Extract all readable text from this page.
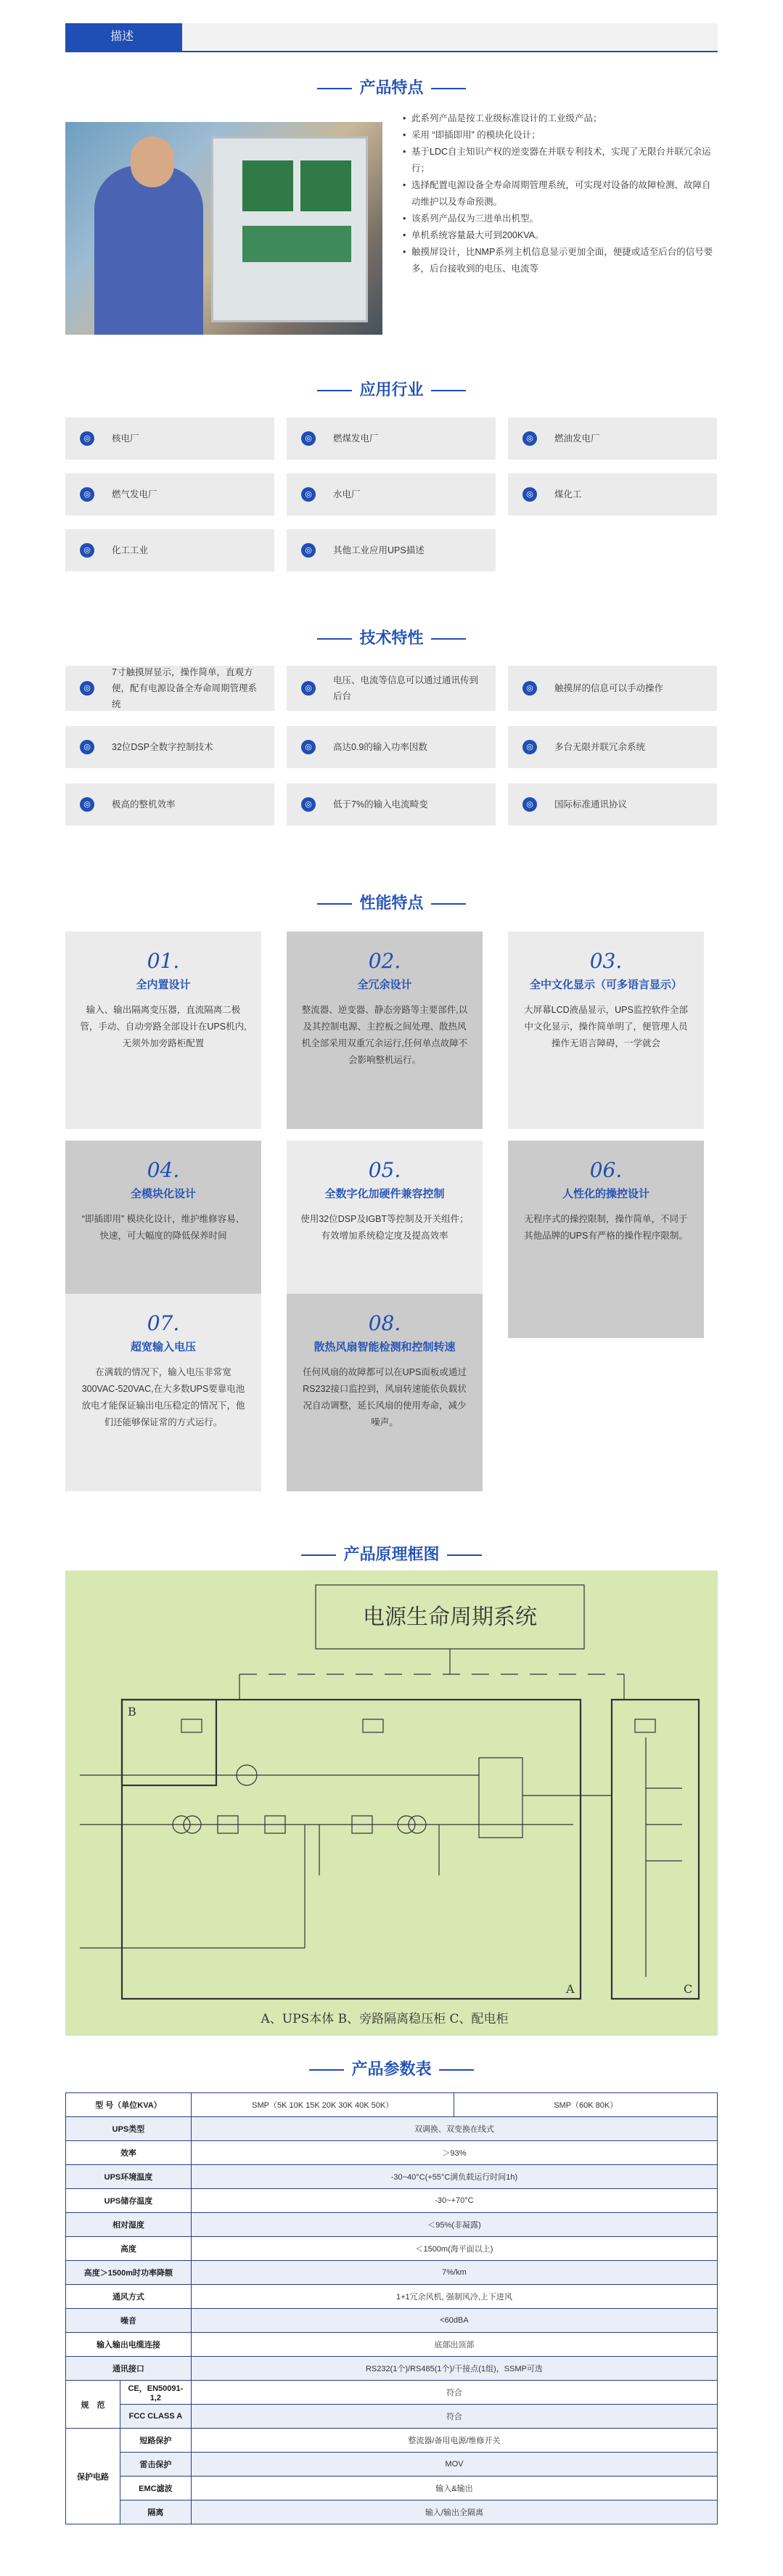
描述
产品特点
• 此系列产品是按工业级标准设计的工业级产品；
• 采用 “即插即用” 的模块化设计；
• 基于LDC自主知识产权的逆变器在并联专利技术，实现了无限台并联冗余运行；
• 选择配置电源设备全寿命周期管理系统，可实现对设备的故障检测、故障自动维护以及寿命预测。
• 该系列产品仅为三进单出机型。
• 单机系统容量最大可到200KVA。
• 触摸屏设计，比NMP系列主机信息显示更加全面，便捷或适至后台的信号要多，后台接收到的电压、电流等
应用行业
◎	核电厂	◎	燃煤发电厂	◎	燃油发电厂
◎	燃气发电厂	◎	水电厂	◎	煤化工
◎	化工工业	◎	其他工业应用UPS描述
技术特性
◎
7寸触摸屏显示，操作简单，直观方便，配有电源设备全寿命周期管理系统
◎
电压、电流等信息可以通过通讯传到后台
◎	触摸屏的信息可以手动操作
◎	32位DSP全数字控制技术	◎	高达0.9的输入功率因数	◎	多台无限并联冗余系统
◎	极高的整机效率	◎	低于7%的输入电流畸变	◎	国际标准通讯协议
性能特点
01.
全内置设计
输入、输出隔离变压器，直流隔离二极管，手动、自动旁路全部设计在UPS机内,无须外加旁路柜配置
02.
全冗余设计
整流器、逆变器、静态旁路等主要部件,以及其控制电源、主控板之间处理、散热风机全部采用双重冗余运行,任何单点故障不会影响整机运行。
03.
全中文化显示（可多语言显示）
大屏幕LCD液晶显示，UPS监控软件全部中文化显示，操作简单明了，便管理人员操作无语言障碍，一学就会
04.
全模块化设计
“即插即用” 模块化设计，维护维修容易、快速，可大幅度的降低保养时间
05.
全数字化加硬件兼容控制
使用32位DSP及IGBT等控制及开关组件；有效增加系统稳定度及提高效率
06.
人性化的操控设计
无程序式的操控限制，操作简单，不同于其他品牌的UPS有严格的操作程序限制。
07.
超宽输入电压
在满载的情况下，输入电压非常宽300VAC-520VAC,在大多数UPS要靠电池放电才能保证输出电压稳定的情况下，他们还能够保证常的方式运行。
08.
散热风扇智能检测和控制转速
任何风扇的故障都可以在UPS面板或通过RS232接口监控到，风扇转速能依负载状况自动调整，延长风扇的使用寿命，减少噪声。
产品原理框图
电源生命周期系统
B
A	C
A、UPS本体 B、旁路隔离稳压柜 C、配电柜
产品参数表
型 号（单位KVA）		SMP（5K 10K 15K 20K 30K 40K 50K）	SMP（60K 80K）
UPS类型		双调换、双变换在线式	
效率		＞93%	
UPS环境温度		-30~40°C(+55°C满负载运行时间1h)	
UPS储存温度		-30~+70°C	
相对湿度		＜95%(非凝露)	
高度		＜1500m(海平面以上)	
高度＞1500m时功率降额		7%/km	
通风方式		1+1冗余风机, 强制风冷,上下进风	
噪音		<60dBA	
输入输出电缆连接		底部出顶部	
通讯接口		RS232(1个)/RS485(1个)/干接点(1组)，SSMP可选	
规　范	CE，EN50091-1,2	符合	
	FCC CLASS A	符合	
保护电路	短路保护	整流器/备用电源/维修开关	
	雷击保护	MOV	
	EMC滤波	输入&输出	
	隔离	输入/输出全隔离	
